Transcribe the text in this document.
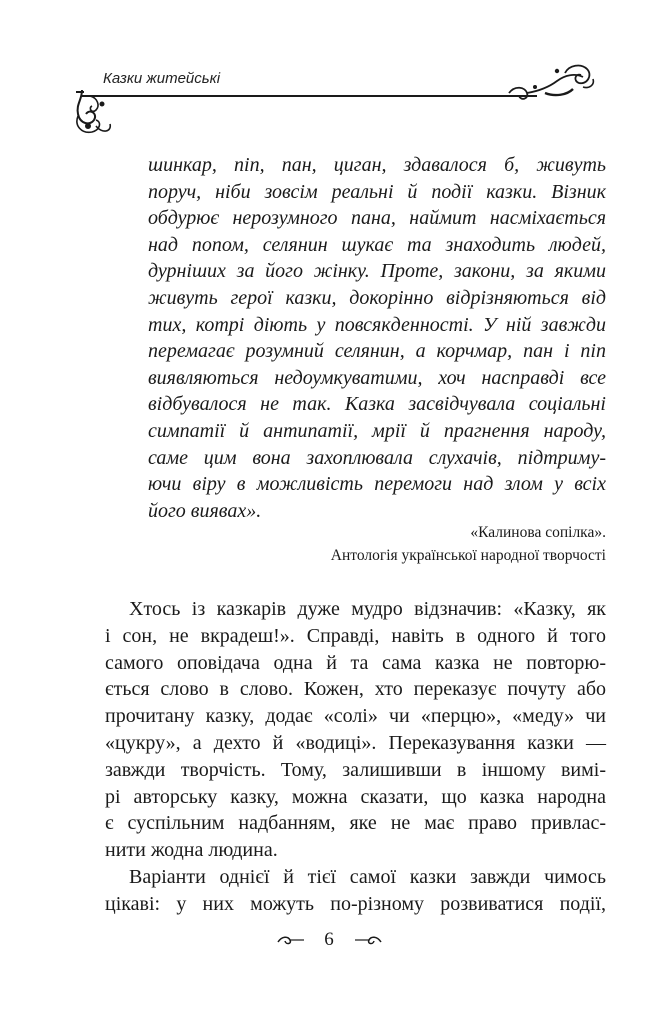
Казки житейські
шинкар, піп, пан, циган, здавалося б, живуть
поруч, ніби зовсім реальні й події казки. Візник
обдурює нерозумного пана, наймит насміхається
над попом, селянин шукає та знаходить людей,
дурніших за його жінку. Проте, закони, за якими
живуть герої казки, докорінно відрізняються від
тих, котрі діють у повсякденності. У ній завжди
перемагає розумний селянин, а корчмар, пан і піп
виявляються недоумкуватими, хоч насправді все
відбувалося не так. Казка засвідчувала соціальні
симпатії й антипатії, мрії й прагнення народу,
саме цим вона захоплювала слухачів, підтриму-
ючи віру в можливість перемоги над злом у всіх
його виявах».
«Калинова сопілка».
Антологія української народної творчості
Хтось із казкарів дуже мудро відзначив: «Казку, як
і сон, не вкрадеш!». Справді, навіть в одного й того
самого оповідача одна й та сама казка не повторю-
ється слово в слово. Кожен, хто переказує почуту або
прочитану казку, додає «солі» чи «перцю», «меду» чи
«цукру», а дехто й «водиці». Переказування казки —
завжди творчість. Тому, залишивши в іншому вимі-
рі авторську казку, можна сказати, що казка народна
є суспільним надбанням, яке не має право привлас-
нити жодна людина.
Варіанти однієї й тієї самої казки завжди чимось
цікаві: у них можуть по-різному розвиватися події,
6
